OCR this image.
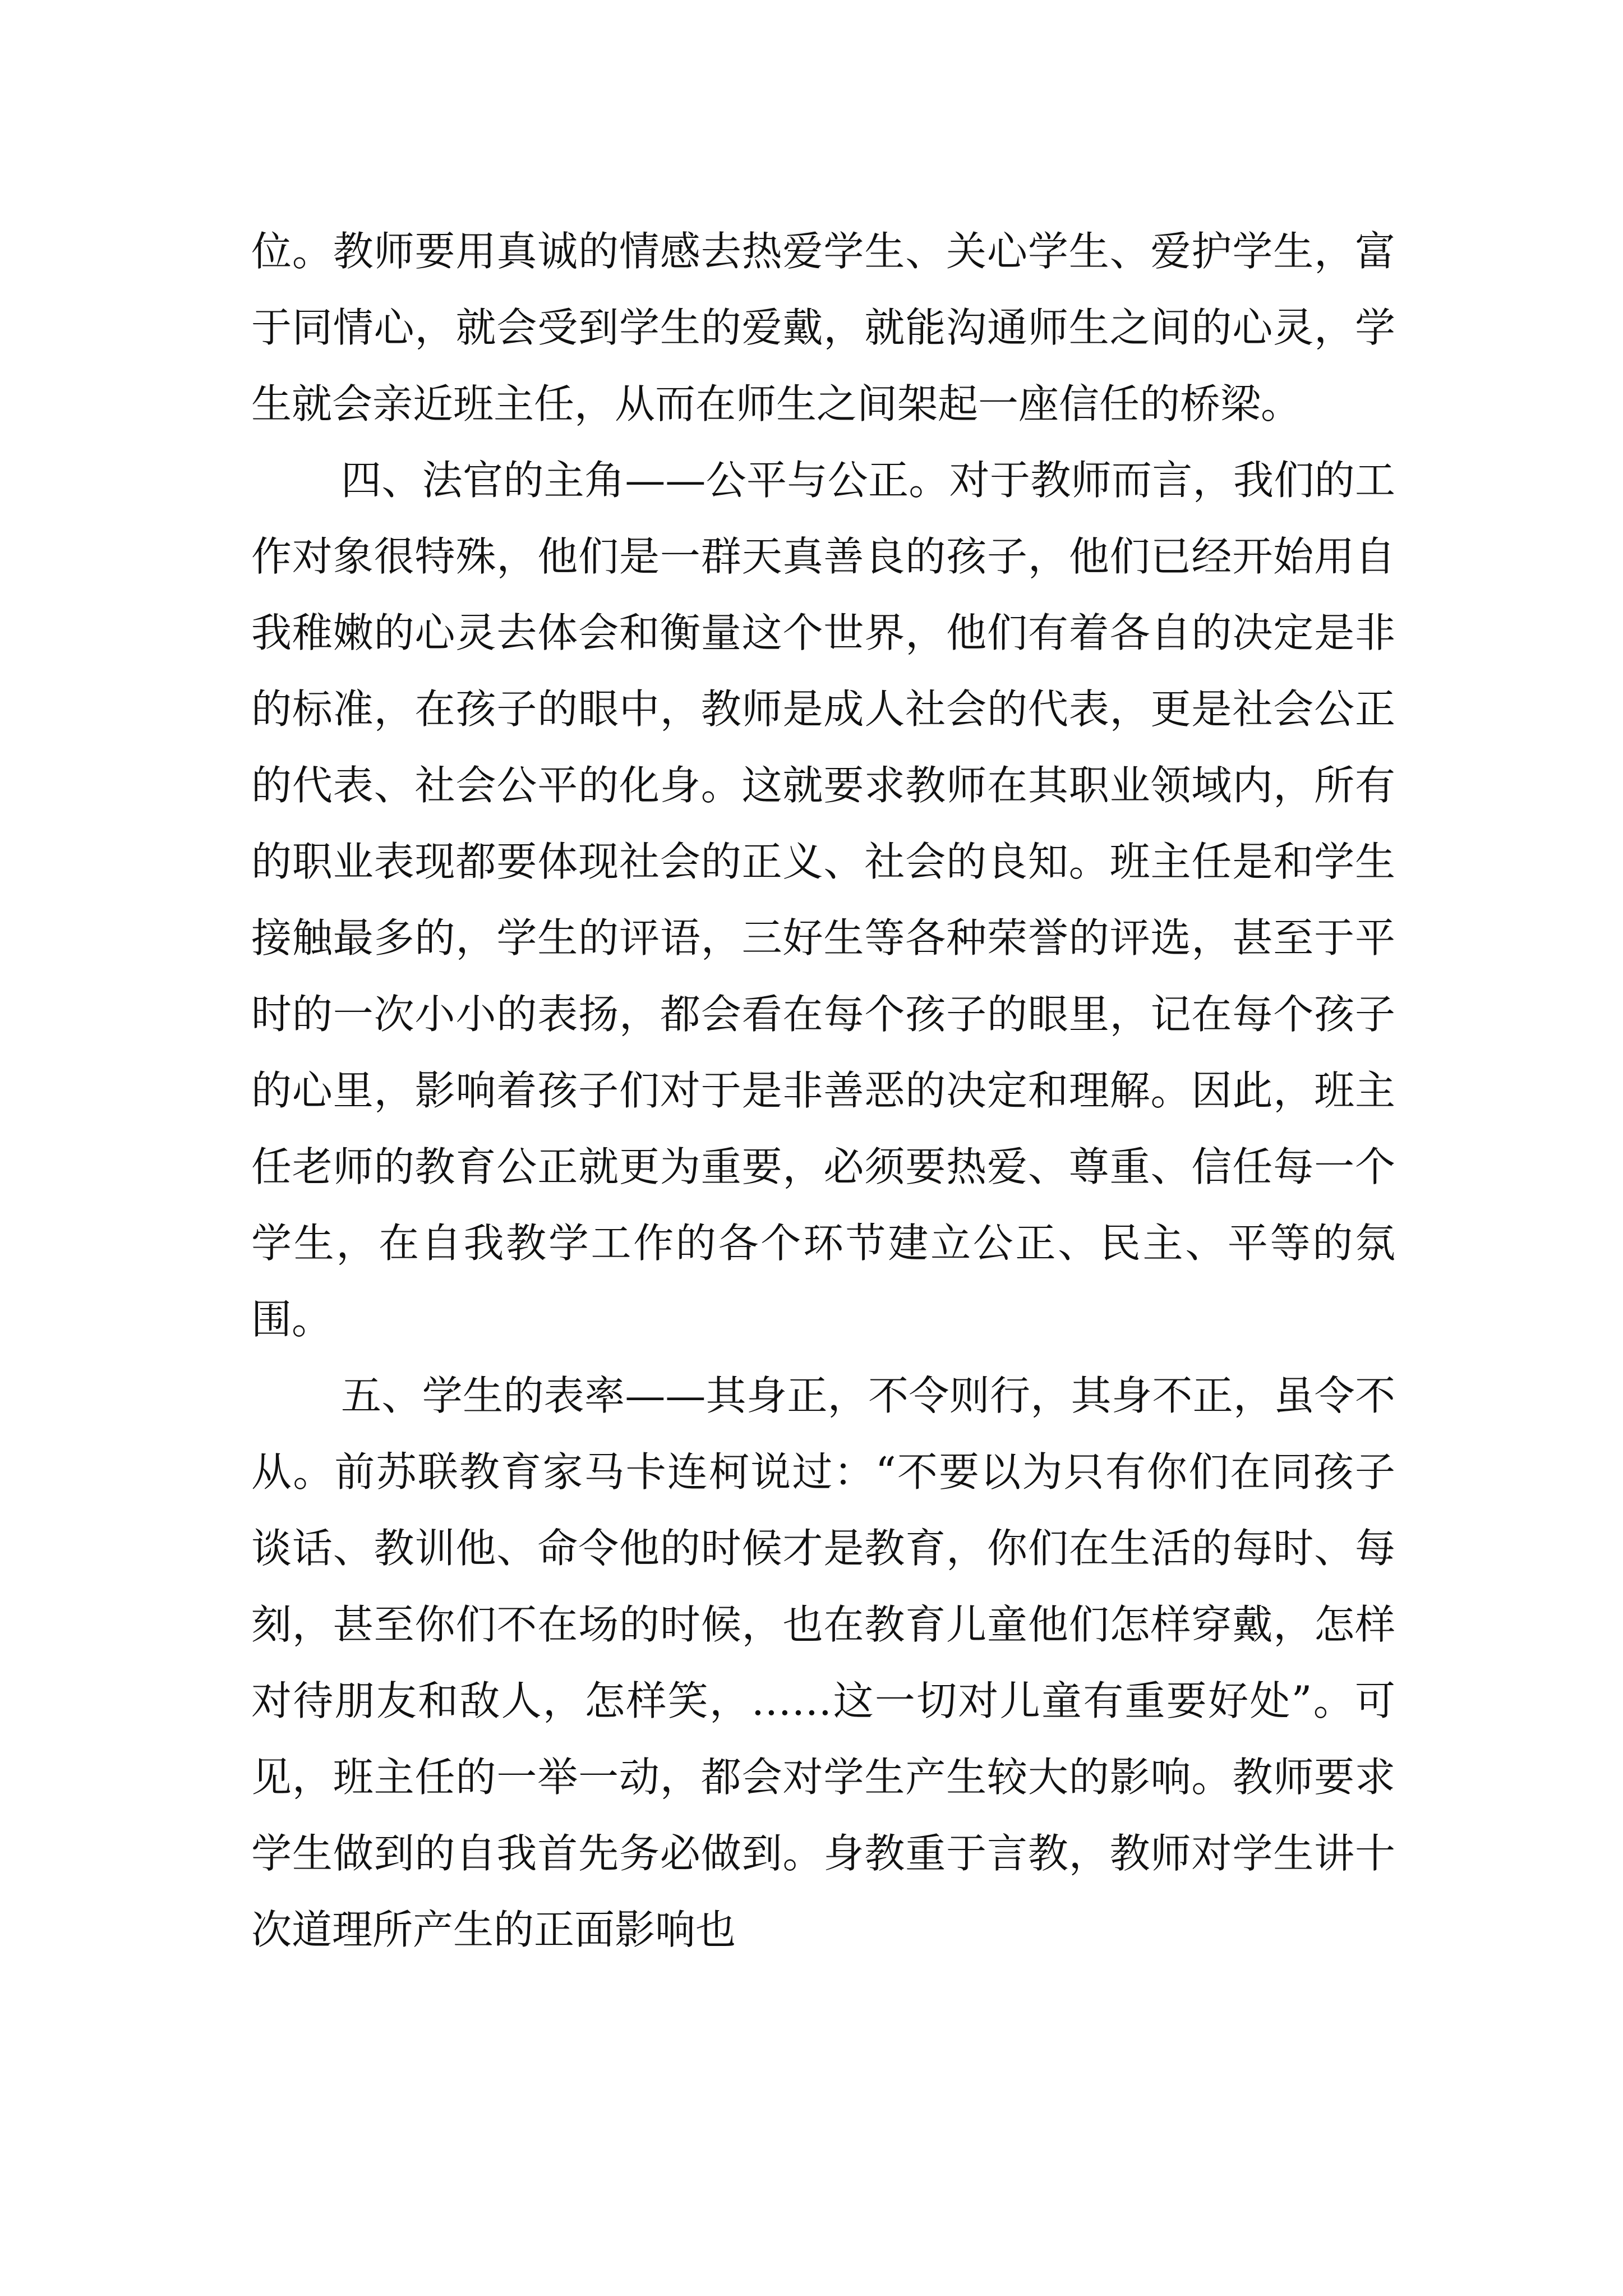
位。教师要用真诚的情感去热爱学生、关心学生、爱护学生，富于同情心，就会受到学生的爱戴，就能沟通师生之间的心灵，学生就会亲近班主任，从而在师生之间架起一座信任的桥梁。

四、法官的主角——公平与公正。对于教师而言，我们的工作对象很特殊，他们是一群天真善良的孩子，他们已经开始用自我稚嫩的心灵去体会和衡量这个世界，他们有着各自的决定是非的标准，在孩子的眼中，教师是成人社会的代表，更是社会公正的代表、社会公平的化身。这就要求教师在其职业领域内，所有的职业表现都要体现社会的正义、社会的良知。班主任是和学生接触最多的，学生的评语，三好生等各种荣誉的评选，甚至于平时的一次小小的表扬，都会看在每个孩子的眼里，记在每个孩子的心里，影响着孩子们对于是非善恶的决定和理解。因此，班主任老师的教育公正就更为重要，必须要热爱、尊重、信任每一个学生，在自我教学工作的各个环节建立公正、民主、平等的氛围。

五、学生的表率——其身正，不令则行，其身不正，虽令不从。前苏联教育家马卡连柯说过：“不要以为只有你们在同孩子谈话、教训他、命令他的时候才是教育，你们在生活的每时、每刻，甚至你们不在场的时候，也在教育儿童他们怎样穿戴，怎样对待朋友和敌人，怎样笑，……这一切对儿童有重要好处”。可见，班主任的一举一动，都会对学生产生较大的影响。教师要求学生做到的自我首先务必做到。身教重于言教，教师对学生讲十次道理所产生的正面影响也
